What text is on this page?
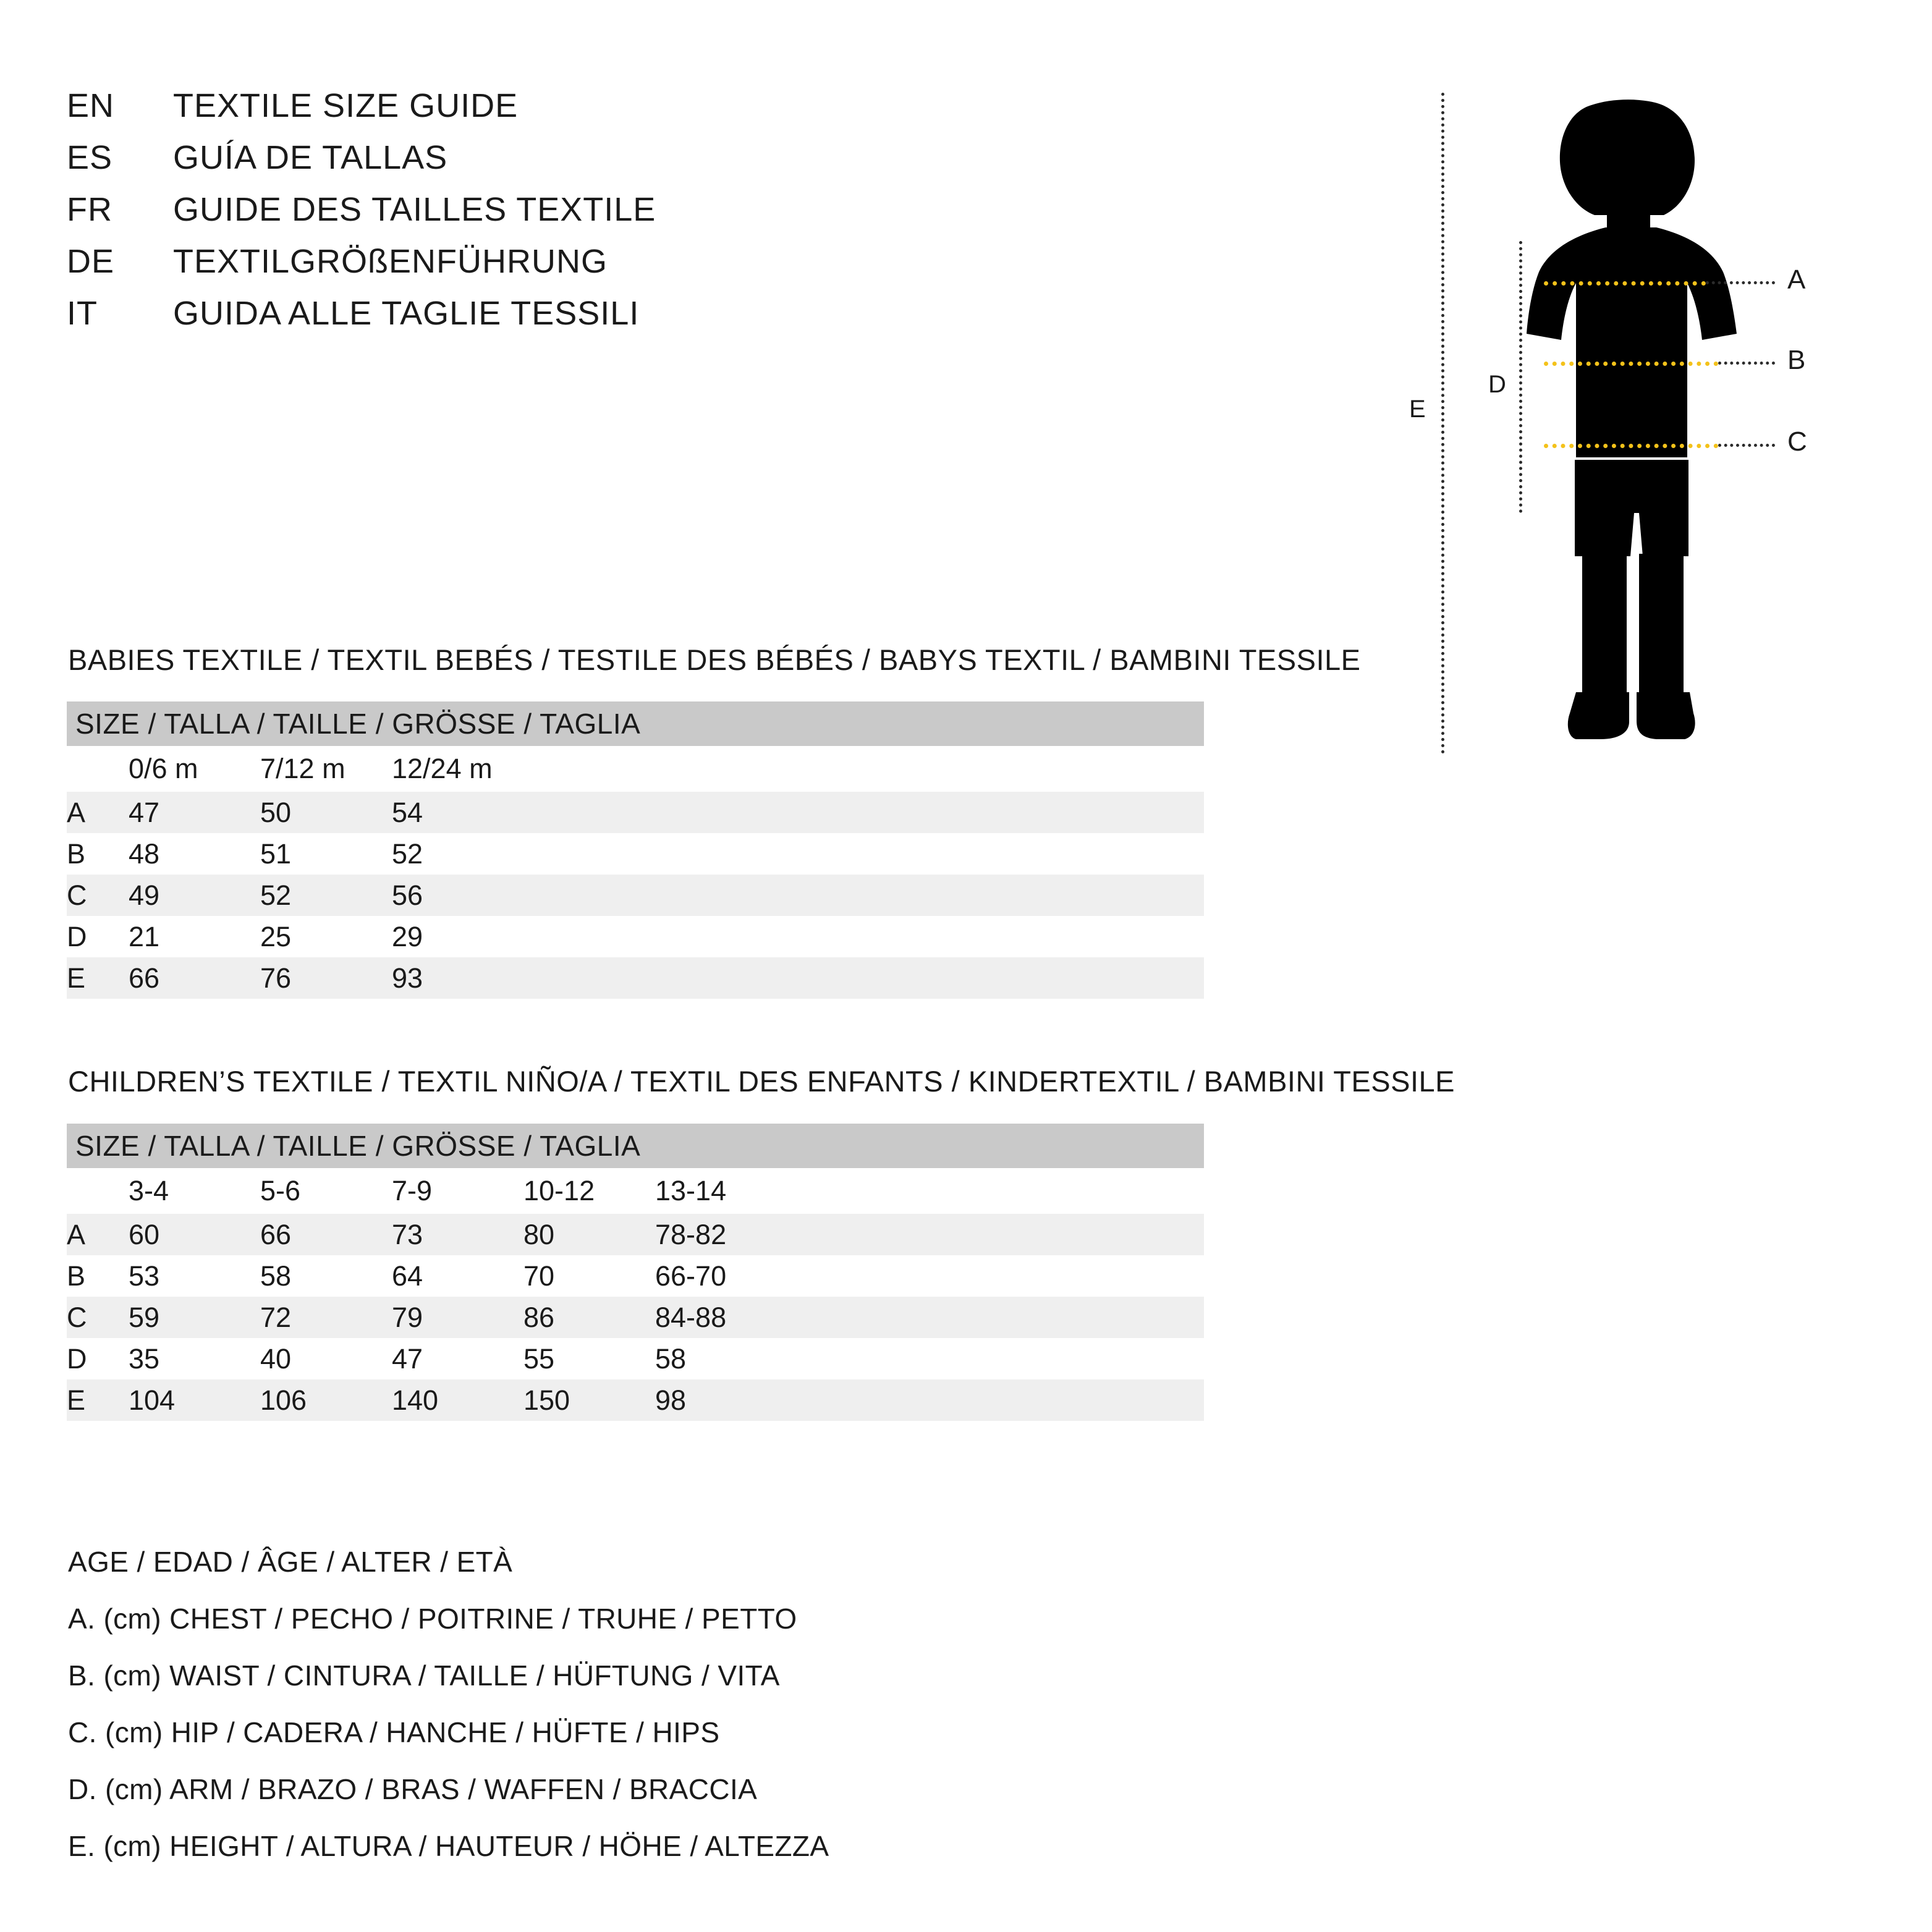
EN	TEXTILE SIZE GUIDE
ES	GUÍA DE TALLAS
FR	GUIDE DES TAILLES TEXTILE
DE	TEXTILGRÖßENFÜHRUNG
IT	GUIDA ALLE TAGLIE TESSILI
E
D
A
B
C
BABIES TEXTILE / TEXTIL BEBÉS / TESTILE DES BÉBÉS / BABYS TEXTIL / BAMBINI TESSILE
SIZE / TALLA / TAILLE / GRÖSSE / TAGLIA				
	0/6 m	7/12 m	12/24 m	
A	47	50	54	
B	48	51	52	
C	49	52	56	
D	21	25	29	
E	66	76	93	
CHILDREN’S TEXTILE / TEXTIL NIÑO/A / TEXTIL DES ENFANTS / KINDERTEXTIL / BAMBINI TESSILE
SIZE / TALLA / TAILLE / GRÖSSE / TAGLIA						
	3-4	5-6	7-9	10-12	13-14	
A	60	66	73	80	78-82	
B	53	58	64	70	66-70	
C	59	72	79	86	84-88	
D	35	40	47	55	58	
E	104	106	140	150	98	
AGE / EDAD / ÂGE / ALTER / ETÀ
A. (cm) CHEST / PECHO / POITRINE / TRUHE / PETTO
B. (cm) WAIST / CINTURA / TAILLE / HÜFTUNG / VITA
C. (cm) HIP / CADERA / HANCHE / HÜFTE / HIPS
D. (cm) ARM / BRAZO / BRAS / WAFFEN / BRACCIA
E. (cm) HEIGHT / ALTURA / HAUTEUR / HÖHE / ALTEZZA
